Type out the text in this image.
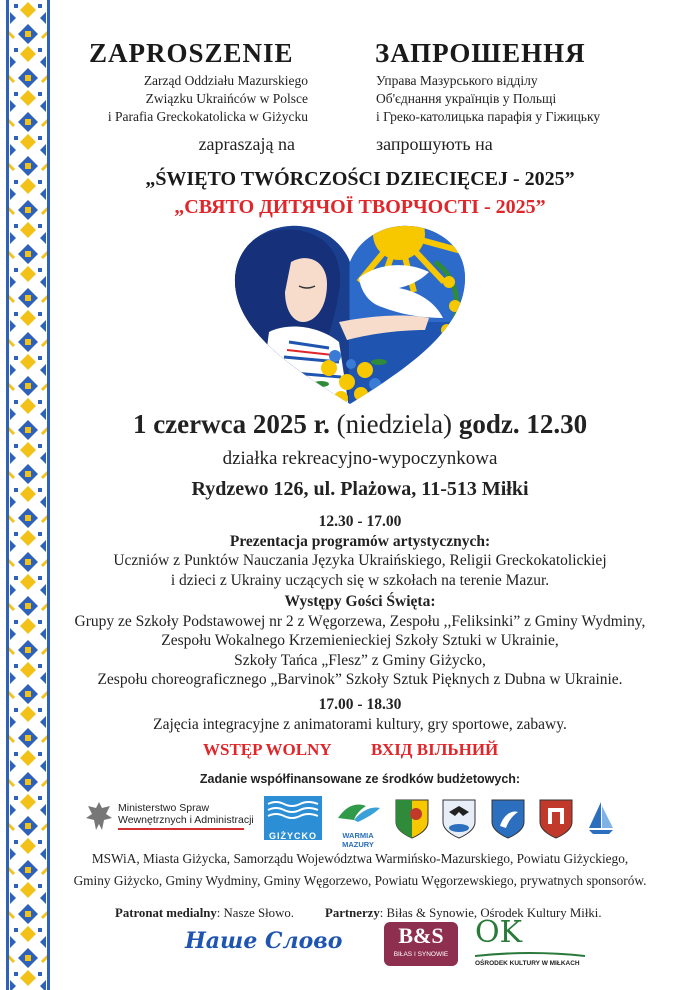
ZAPROSZENIE	ЗАПРОШЕННЯ
Zarząd Oddziału Mazurskiego
Związku Ukraińców w Polsce
i Parafia Greckokatolicka w Giżycku
Управа Мазурського відділу
Об'єднання українців у Польщі
і Греко-католицька парафія у Гіжицьку
zapraszają na	запрошують на
„ŚWIĘTO TWÓRCZOŚCI DZIECIĘCEJ - 2025”
„СВЯТО ДИТЯЧОЇ ТВОРЧОСТІ - 2025”
1 czerwca 2025 r. (niedziela) godz. 12.30
działka rekreacyjno-wypoczynkowa
Rydzewo 126, ul. Plażowa, 11-513 Miłki
12.30 - 17.00
Prezentacja programów artystycznych:
Uczniów z Punktów Nauczania Języka Ukraińskiego, Religii Greckokatolickiej
i dzieci z Ukrainy uczących się w szkołach na terenie Mazur.
Występy Gości Święta:
Grupy ze Szkoły Podstawowej nr 2 z Węgorzewa, Zespołu ,,Feliksinki” z Gminy Wydminy,
Zespołu Wokalnego Krzemienieckiej Szkoły Sztuki w Ukrainie,
Szkoły Tańca „Flesz” z Gminy Giżycko,
Zespołu choreograficznego „Barvinok” Szkoły Sztuk Pięknych z Dubna w Ukrainie.
17.00 - 18.30
Zajęcia integracyjne z animatorami kultury, gry sportowe, zabawy.
WSTĘP WOLNY ВХІД ВІЛЬНИЙ
Zadanie współfinansowane ze środków budżetowych:
Ministerstwo Spraw
Wewnętrznych i Administracji
GIŻYCKO	WARMIA MAZURY
MSWiA, Miasta Giżycka, Samorządu Województwa Warmińsko-Mazurskiego, Powiatu Giżyckiego,
Gminy Giżycko, Gminy Wydminy, Gminy Węgorzewo, Powiatu Węgorzewskiego, prywatnych sponsorów.
Patronat medialny: Nasze Słowo. Partnerzy: Biłas & Synowie, Ośrodek Kultury Miłki.
Наше Слово	B&S
BIŁAS I SYNOWIE
OK
OŚRODEK KULTURY W MIŁKACH
